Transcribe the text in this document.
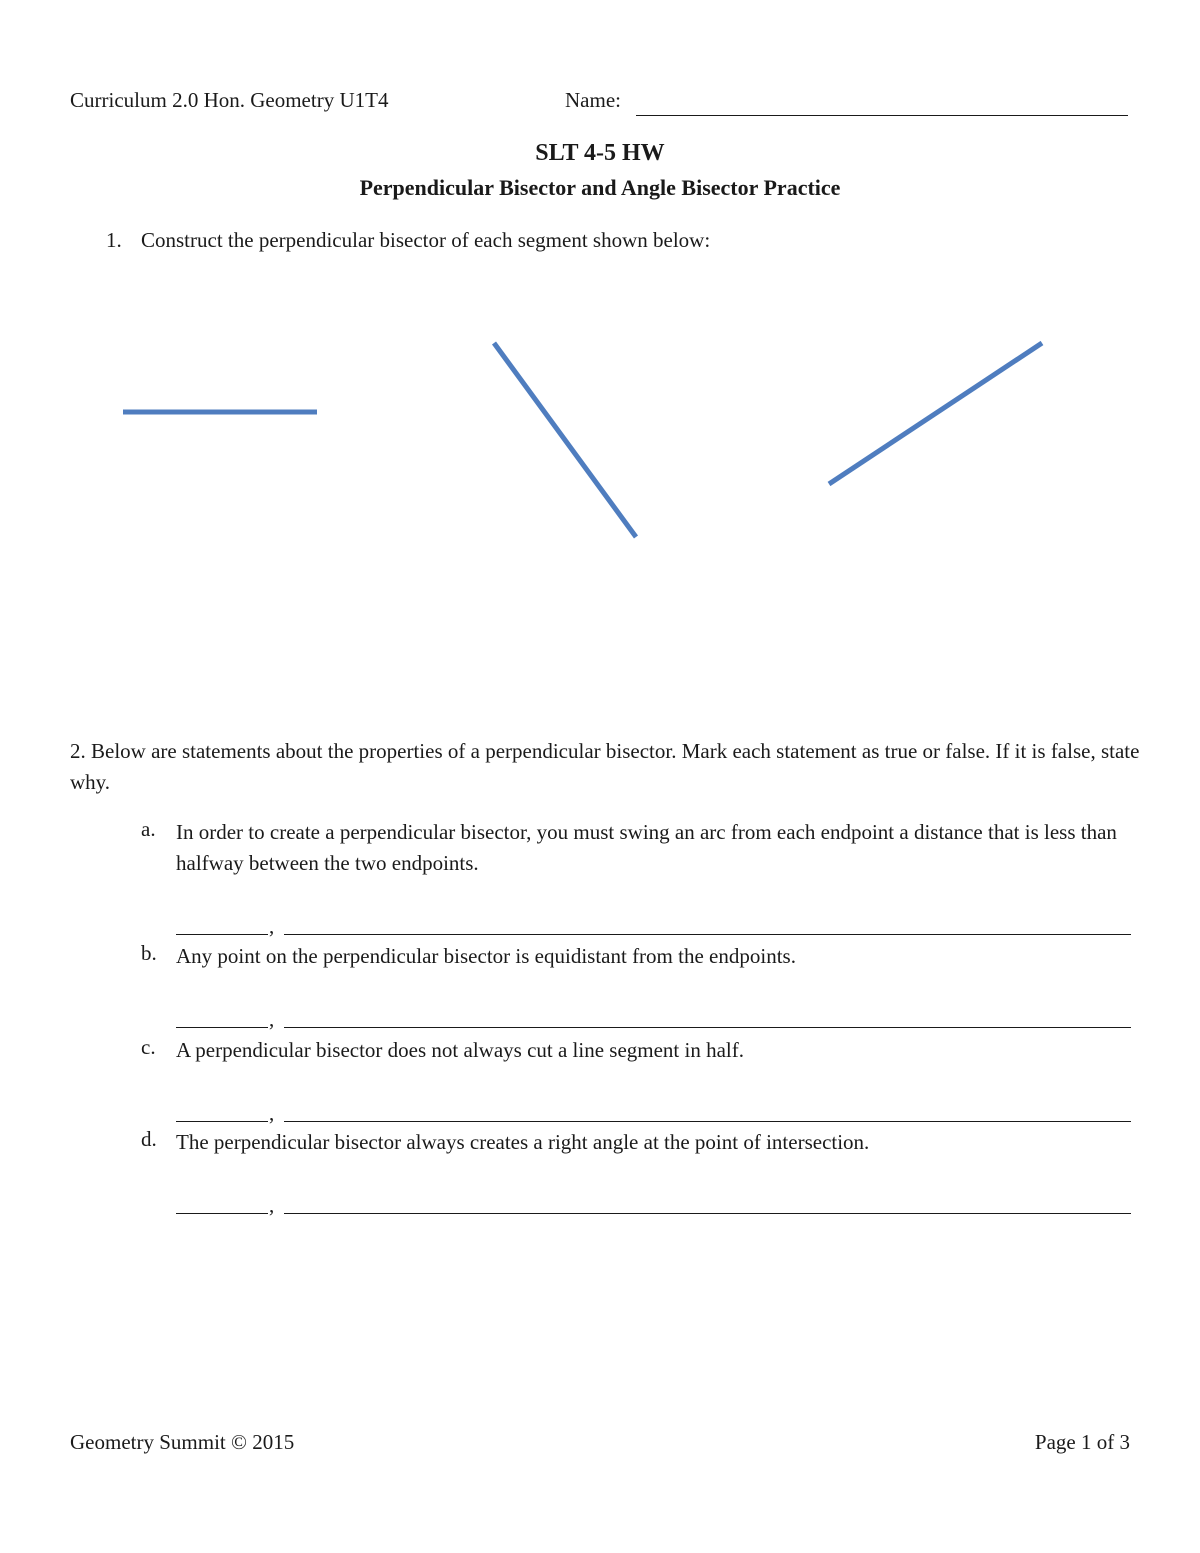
Curriculum 2.0 Hon. Geometry U1T4	Name:
SLT 4-5 HW
Perpendicular Bisector and Angle Bisector Practice
1. Construct the perpendicular bisector of each segment shown below:
2. Below are statements about the properties of a perpendicular bisector. Mark each statement as true or false. If it is false, state why.
a. In order to create a perpendicular bisector, you must swing an arc from each endpoint a distance that is less than halfway between the two endpoints.
,
b. Any point on the perpendicular bisector is equidistant from the endpoints.
,
c. A perpendicular bisector does not always cut a line segment in half.
,
d. The perpendicular bisector always creates a right angle at the point of intersection.
,
Geometry Summit © 2015	Page 1 of 3
